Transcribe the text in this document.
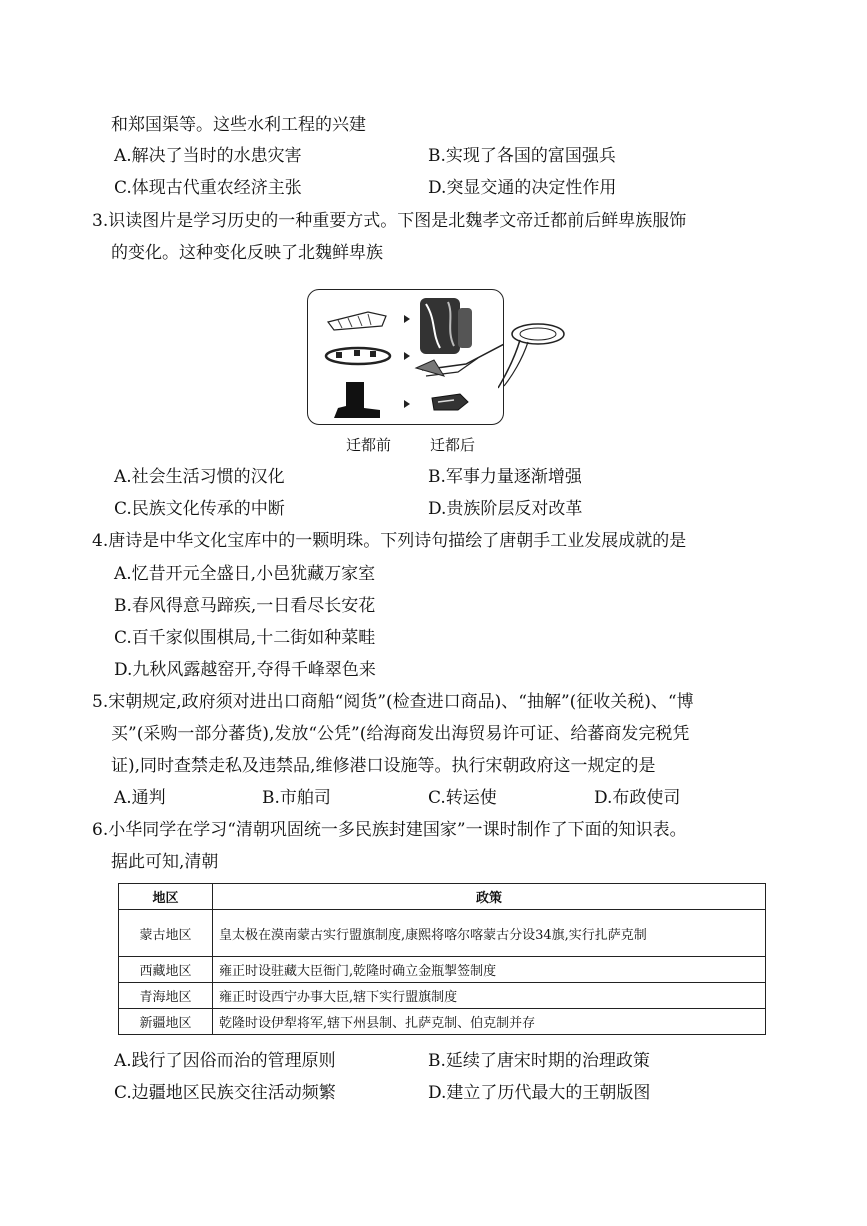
和郑国渠等。这些水利工程的兴建
A.解决了当时的水患灾害	B.实现了各国的富国强兵
C.体现古代重农经济主张	D.突显交通的决定性作用
3.识读图片是学习历史的一种重要方式。下图是北魏孝文帝迁都前后鲜卑族服饰
的变化。这种变化反映了北魏鲜卑族
迁都前	迁都后
A.社会生活习惯的汉化	B.军事力量逐渐增强
C.民族文化传承的中断	D.贵族阶层反对改革
4.唐诗是中华文化宝库中的一颗明珠。下列诗句描绘了唐朝手工业发展成就的是
A.忆昔开元全盛日,小邑犹藏万家室
B.春风得意马蹄疾,一日看尽长安花
C.百千家似围棋局,十二街如种菜畦
D.九秋风露越窑开,夺得千峰翠色来
5.宋朝规定,政府须对进出口商船“阅货”(检查进口商品)、“抽解”(征收关税)、“博
买”(采购一部分蕃货),发放“公凭”(给海商发出海贸易许可证、给蕃商发完税凭
证),同时查禁走私及违禁品,维修港口设施等。执行宋朝政府这一规定的是
A.通判	B.市舶司	C.转运使	D.布政使司
6.小华同学在学习“清朝巩固统一多民族封建国家”一课时制作了下面的知识表。
据此可知,清朝
地区	政策
蒙古地区	皇太极在漠南蒙古实行盟旗制度,康熙将喀尔喀蒙古分设34旗,实行扎萨克制
西藏地区	雍正时设驻藏大臣衙门,乾隆时确立金瓶掣签制度
青海地区	雍正时设西宁办事大臣,辖下实行盟旗制度
新疆地区	乾隆时设伊犁将军,辖下州县制、扎萨克制、伯克制并存
A.践行了因俗而治的管理原则	B.延续了唐宋时期的治理政策
C.边疆地区民族交往活动频繁	D.建立了历代最大的王朝版图
